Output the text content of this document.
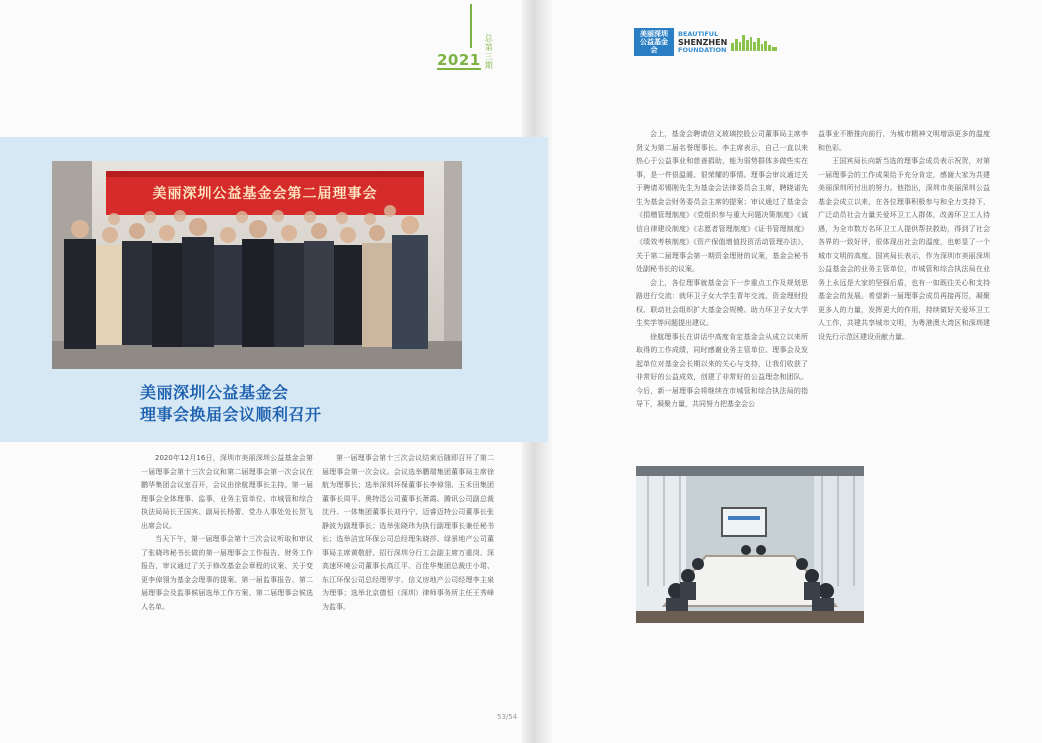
2021
总第
三期
美丽深圳公益基金会
BEAUTIFUL
SHENZHEN
FOUNDATION
美丽深圳公益基金会第二届理事会
美丽深圳公益基金会
理事会换届会议顺利召开

2020年12月16日，深圳市美丽深圳公益基金会第一届理事会第十三次会议和第二届理事会第一次会议在鹏华集团会议室召开，会议由徐航理事长主持。第一届理事会全体理事、监事，业务主管单位、市城管和综合执法局局长王国宾、副局长杨蕾、党办人事处处长贺飞出席会议。

当天下午，第一届理事会第十三次会议听取和审议了张晓玮秘书长做的第一届理事会工作报告、财务工作报告，审议通过了关于修改基金会章程的议案、关于变更李倬翎为基金会理事的提案、第一届监事报告、第二届理事会及监事候届选举工作方案、第二届理事会候选人名单。

第一届理事会第十三次会议结束后随即召开了第二届理事会第一次会议。会议选举鹏瑞集团董事局主席徐航为理事长；选举深圳环保董事长李倬翎、玉禾田集团董事长周平、奥特迅公司董事长萧霞、腾讯公司副总裁沈丹、一体集团董事长刘丹宁、迈睿迈特公司董事长张静波为副理事长；选举张晓玮为执行副理事长兼任秘书长；选举洁宜环保公司总经理朱晓莎、绿景地产公司董事局主席黄敬舒、招行深圳分行工会副主席万重岗、深高速环境公司董事长高江平、百佳华集团总裁庄小珺、东江环保公司总经理罗宇、信义房地产公司经理李主泉为理事；选举北京德恒（深圳）律师事务所主任王秀峰为监事。

会上，基金会聘请信义玻璃控股公司董事局主席李贤义为第二届名誉理事长。李主席表示，自己一直以来热心于公益事业和慈善捐助，能为弱势群体多做些实在事，是一件很温暖、很荣耀的事情。理事会审议通过关于聘请邓锡刚先生为基金会法律委员会主席，聘晓诺先生为基金会财务委员会主席的提案；审议通过了基金会《捐赠管理制度》《党组织参与重大问题决策制度》《诚信自律建设制度》《志愿者管理制度》《证书管理制度》《绩效考核制度》《资产保值增值投资活动管理办法》，关于第二届理事会第一期资金理财的议案，基金会秘书处副秘书长的议案。

会上，各位理事就基金会下一步重点工作及规划思路进行交流：就环卫子女大学生青年交流、资金理财投权、联动社会组织扩大基金会规模、助力环卫子女大学生奖学等问题提出建议。

徐航理事长在讲话中高度肯定基金会从成立以来所取得的工作成绩，同时感谢业务主管单位、理事会及发起单位对基金会长期以来的关心与支持，让我们收获了非常好的公益成效，创建了非常好的公益理念和团队。今后，新一届理事会将继续在市城管和综合执法局的指导下，凝聚力量，共同努力把基金会公

益事业不断推向前行，为城市精神文明增添更多的温度和色彩。

王国宾局长向新当选的理事会成员表示祝贺，对第一届理事会的工作成果给予充分肯定，感谢大家为共建美丽深圳所付出的努力。他指出，深圳市美丽深圳公益基金会成立以来，在各位理事积极参与和全力支持下，广泛动员社会力量关爱环卫工人群体，改善环卫工人待遇，为全市数万名环卫工人提供帮扶救助，得到了社会各界的一致好评，很体现出社会的温度，也彰显了一个城市文明的高度。国宾局长表示，作为深圳市美丽深圳公益基金会的业务主管单位，市城管和综合执法局在业务上永远是大家的坚强后盾，也有一如既往关心和支持基金会的发展。希望新一届理事会成员再接再厉，凝聚更多人的力量，发挥更大的作用，持续做好关爱环卫工人工作，共建共享城市文明，为粤港澳大湾区和深圳建设先行示范区建设贡献力量。

53/54
